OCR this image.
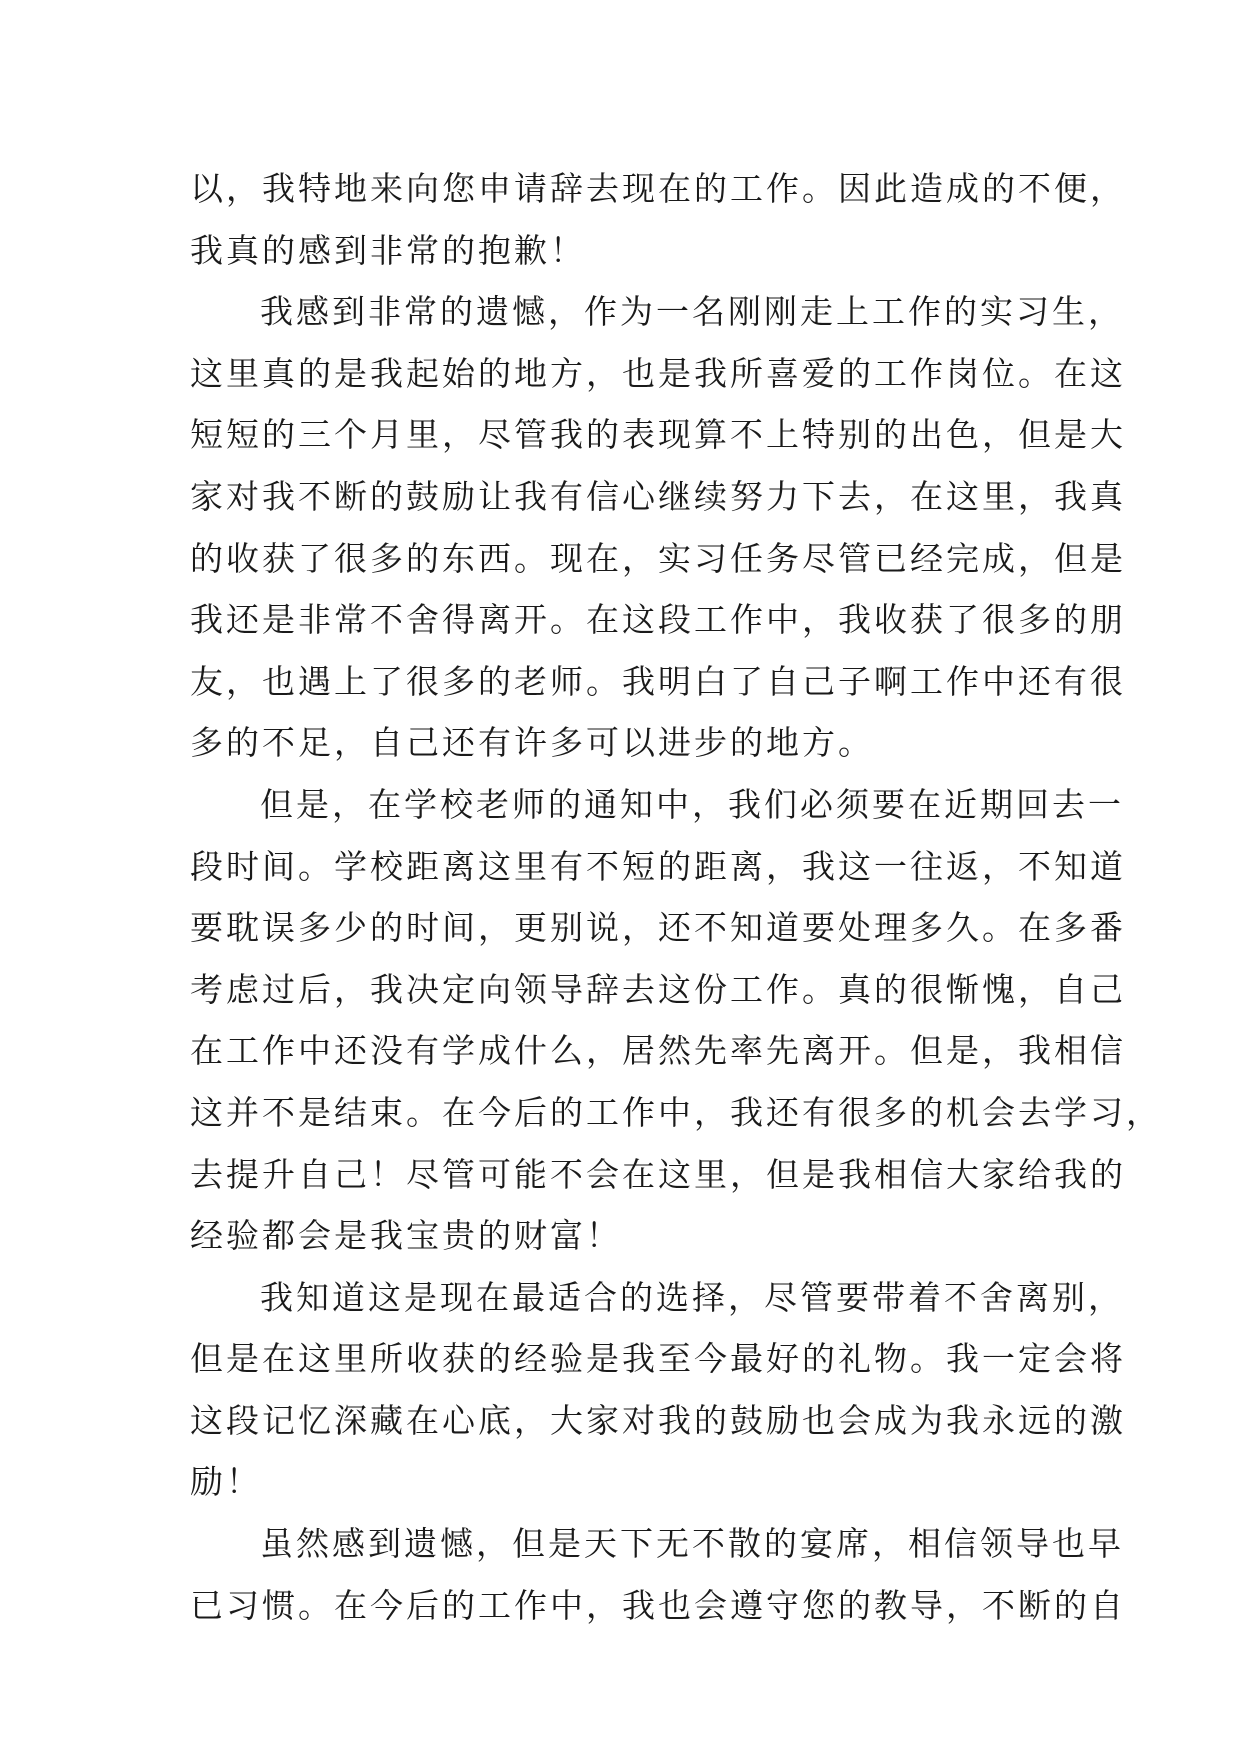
以，我特地来向您申请辞去现在的工作。因此造成的不便，
我真的感到非常的抱歉！
我感到非常的遗憾，作为一名刚刚走上工作的实习生，
这里真的是我起始的地方，也是我所喜爱的工作岗位。在这
短短的三个月里，尽管我的表现算不上特别的出色，但是大
家对我不断的鼓励让我有信心继续努力下去，在这里，我真
的收获了很多的东西。现在，实习任务尽管已经完成，但是
我还是非常不舍得离开。在这段工作中，我收获了很多的朋
友，也遇上了很多的老师。我明白了自己子啊工作中还有很
多的不足，自己还有许多可以进步的地方。
但是，在学校老师的通知中，我们必须要在近期回去一
段时间。学校距离这里有不短的距离，我这一往返，不知道
要耽误多少的时间，更别说，还不知道要处理多久。在多番
考虑过后，我决定向领导辞去这份工作。真的很惭愧，自己
在工作中还没有学成什么，居然先率先离开。但是，我相信
这并不是结束。在今后的工作中，我还有很多的机会去学习，
去提升自己！尽管可能不会在这里，但是我相信大家给我的
经验都会是我宝贵的财富！
我知道这是现在最适合的选择，尽管要带着不舍离别，
但是在这里所收获的经验是我至今最好的礼物。我一定会将
这段记忆深藏在心底，大家对我的鼓励也会成为我永远的激
励！
虽然感到遗憾，但是天下无不散的宴席，相信领导也早
已习惯。在今后的工作中，我也会遵守您的教导，不断的自
